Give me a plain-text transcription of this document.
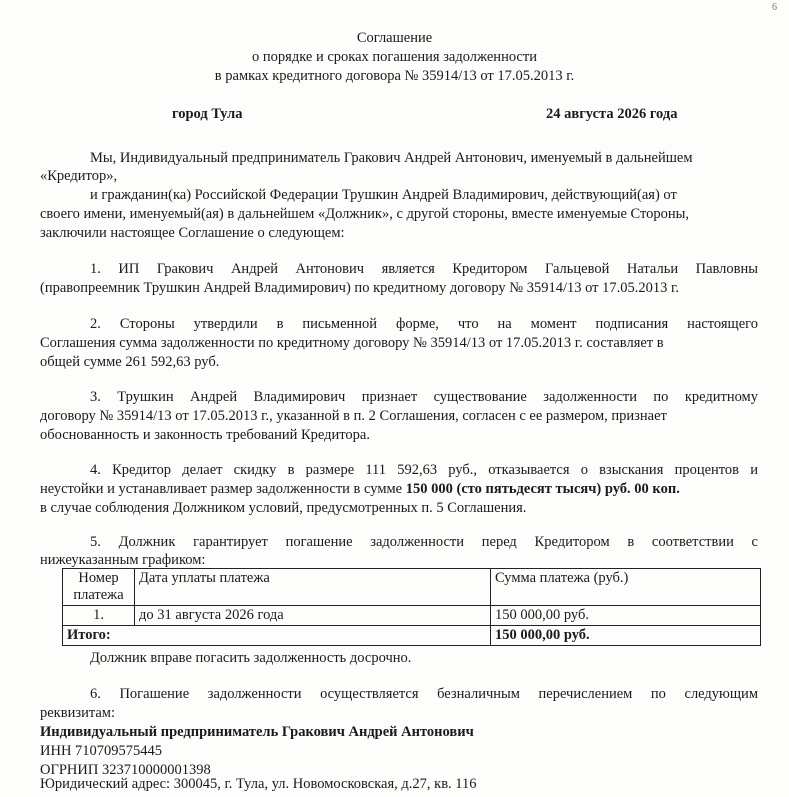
6
Соглашение
о порядке и сроках погашения задолженности
в рамках кредитного договора № 35914/13 от 17.05.2013 г.
город Тула	24 августа 2026 года
Мы, Индивидуальный предприниматель Гракович Андрей Антонович, именуемый в дальнейшем
«Кредитор»,
и гражданин(ка) Российской Федерации Трушкин Андрей Владимирович, действующий(ая) от
своего имени, именуемый(ая) в дальнейшем «Должник», с другой стороны, вместе именуемые Стороны,
заключили настоящее Соглашение о следующем:
1. ИП Гракович Андрей Антонович является Кредитором Гальцевой Натальи Павловны
(правопреемник Трушкин Андрей Владимирович) по кредитному договору № 35914/13 от 17.05.2013 г.
2. Стороны утвердили в письменной форме, что на момент подписания настоящего
Соглашения сумма задолженности по кредитному договору № 35914/13 от 17.05.2013 г. составляет в
общей сумме 261 592,63 руб.
3. Трушкин Андрей Владимирович признает существование задолженности по кредитному
договору № 35914/13 от 17.05.2013 г., указанной в п. 2 Соглашения, согласен с ее размером, признает
обоснованность и законность требований Кредитора.
4. Кредитор делает скидку в размере 111 592,63 руб., отказывается о взыскания процентов и
неустойки и устанавливает размер задолженности в сумме 150 000 (сто пятьдесят тысяч) руб. 00 коп.
в случае соблюдения Должником условий, предусмотренных п. 5 Соглашения.
5. Должник гарантирует погашение задолженности перед Кредитором в соответствии с
нижеуказанным графиком:
Номер
платежа	Дата уплаты платежа	Сумма платежа (руб.)
1.	до 31 августа 2026 года	150 000,00 руб.
Итого:		150 000,00 руб.
Должник вправе погасить задолженность досрочно.
6. Погашение задолженности осуществляется безналичным перечислением по следующим
реквизитам:
Индивидуальный предприниматель Гракович Андрей Антонович
ИНН 710709575445
ОГРНИП 323710000001398
Юридический адрес: 300045, г. Тула, ул. Новомосковская, д.27, кв. 116
